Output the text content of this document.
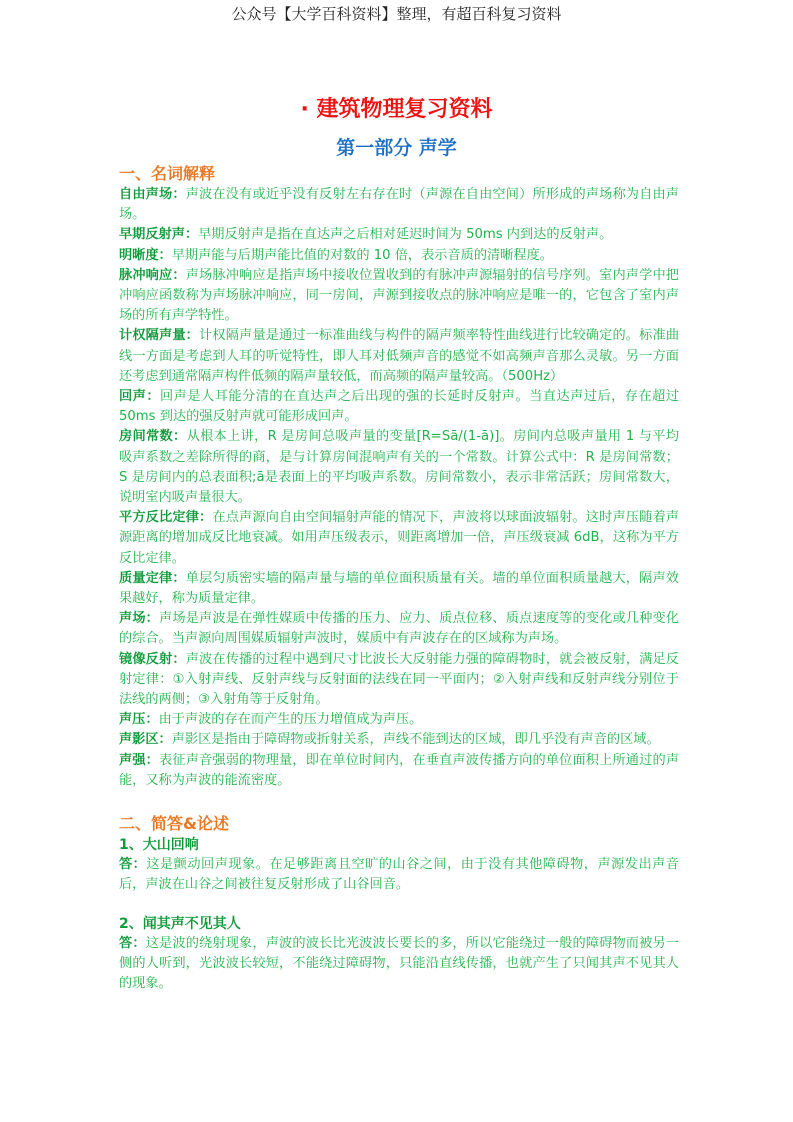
公众号【大学百科资料】整理，有超百科复习资料
· 建筑物理复习资料
第一部分 声学
一、名词解释

自由声场：声波在没有或近乎没有反射左右存在时（声源在自由空间）所形成的声场称为自由声场。

早期反射声：早期反射声是指在直达声之后相对延迟时间为 50ms 内到达的反射声。

明晰度：早期声能与后期声能比值的对数的 10 倍，表示音质的清晰程度。

脉冲响应：声场脉冲响应是指声场中接收位置收到的有脉冲声源辐射的信号序列。室内声学中把冲响应函数称为声场脉冲响应，同一房间，声源到接收点的脉冲响应是唯一的，它包含了室内声场的所有声学特性。

计权隔声量：计权隔声量是通过一标准曲线与构件的隔声频率特性曲线进行比较确定的。标准曲线一方面是考虑到人耳的听觉特性，即人耳对低频声音的感觉不如高频声音那么灵敏。另一方面还考虑到通常隔声构件低频的隔声量较低，而高频的隔声量较高。（500Hz）

回声：回声是人耳能分清的在直达声之后出现的强的长延时反射声。当直达声过后，存在超过 50ms 到达的强反射声就可能形成回声。

房间常数：从根本上讲，R 是房间总吸声量的变量[R=Sā/(1-ā)]。房间内总吸声量用 1 与平均吸声系数之差除所得的商，是与计算房间混响声有关的一个常数。计算公式中：R 是房间常数；S 是房间内的总表面积;ā是表面上的平均吸声系数。房间常数小，表示非常活跃；房间常数大，说明室内吸声量很大。

平方反比定律：在点声源向自由空间辐射声能的情况下，声波将以球面波辐射。这时声压随着声源距离的增加成反比地衰减。如用声压级表示，则距离增加一倍，声压级衰减 6dB，这称为平方反比定律。

质量定律：单层匀质密实墙的隔声量与墙的单位面积质量有关。墙的单位面积质量越大，隔声效果越好，称为质量定律。

声场：声场是声波是在弹性媒质中传播的压力、应力、质点位移、质点速度等的变化或几种变化的综合。当声源向周围媒质辐射声波时，媒质中有声波存在的区域称为声场。

镜像反射：声波在传播的过程中遇到尺寸比波长大反射能力强的障碍物时，就会被反射，满足反射定律：①入射声线、反射声线与反射面的法线在同一平面内；②入射声线和反射声线分别位于法线的两侧；③入射角等于反射角。

声压：由于声波的存在而产生的压力增值成为声压。

声影区：声影区是指由于障碍物或折射关系，声线不能到达的区域，即几乎没有声音的区域。

声强：表征声音强弱的物理量，即在单位时间内，在垂直声波传播方向的单位面积上所通过的声能，又称为声波的能流密度。

二、简答&论述
1、大山回响

答：这是颤动回声现象。在足够距离且空旷的山谷之间，由于没有其他障碍物，声源发出声音后，声波在山谷之间被往复反射形成了山谷回音。

2、闻其声不见其人

答：这是波的绕射现象，声波的波长比光波波长要长的多，所以它能绕过一般的障碍物而被另一侧的人听到，光波波长较短，不能绕过障碍物，只能沿直线传播，也就产生了只闻其声不见其人的现象。
